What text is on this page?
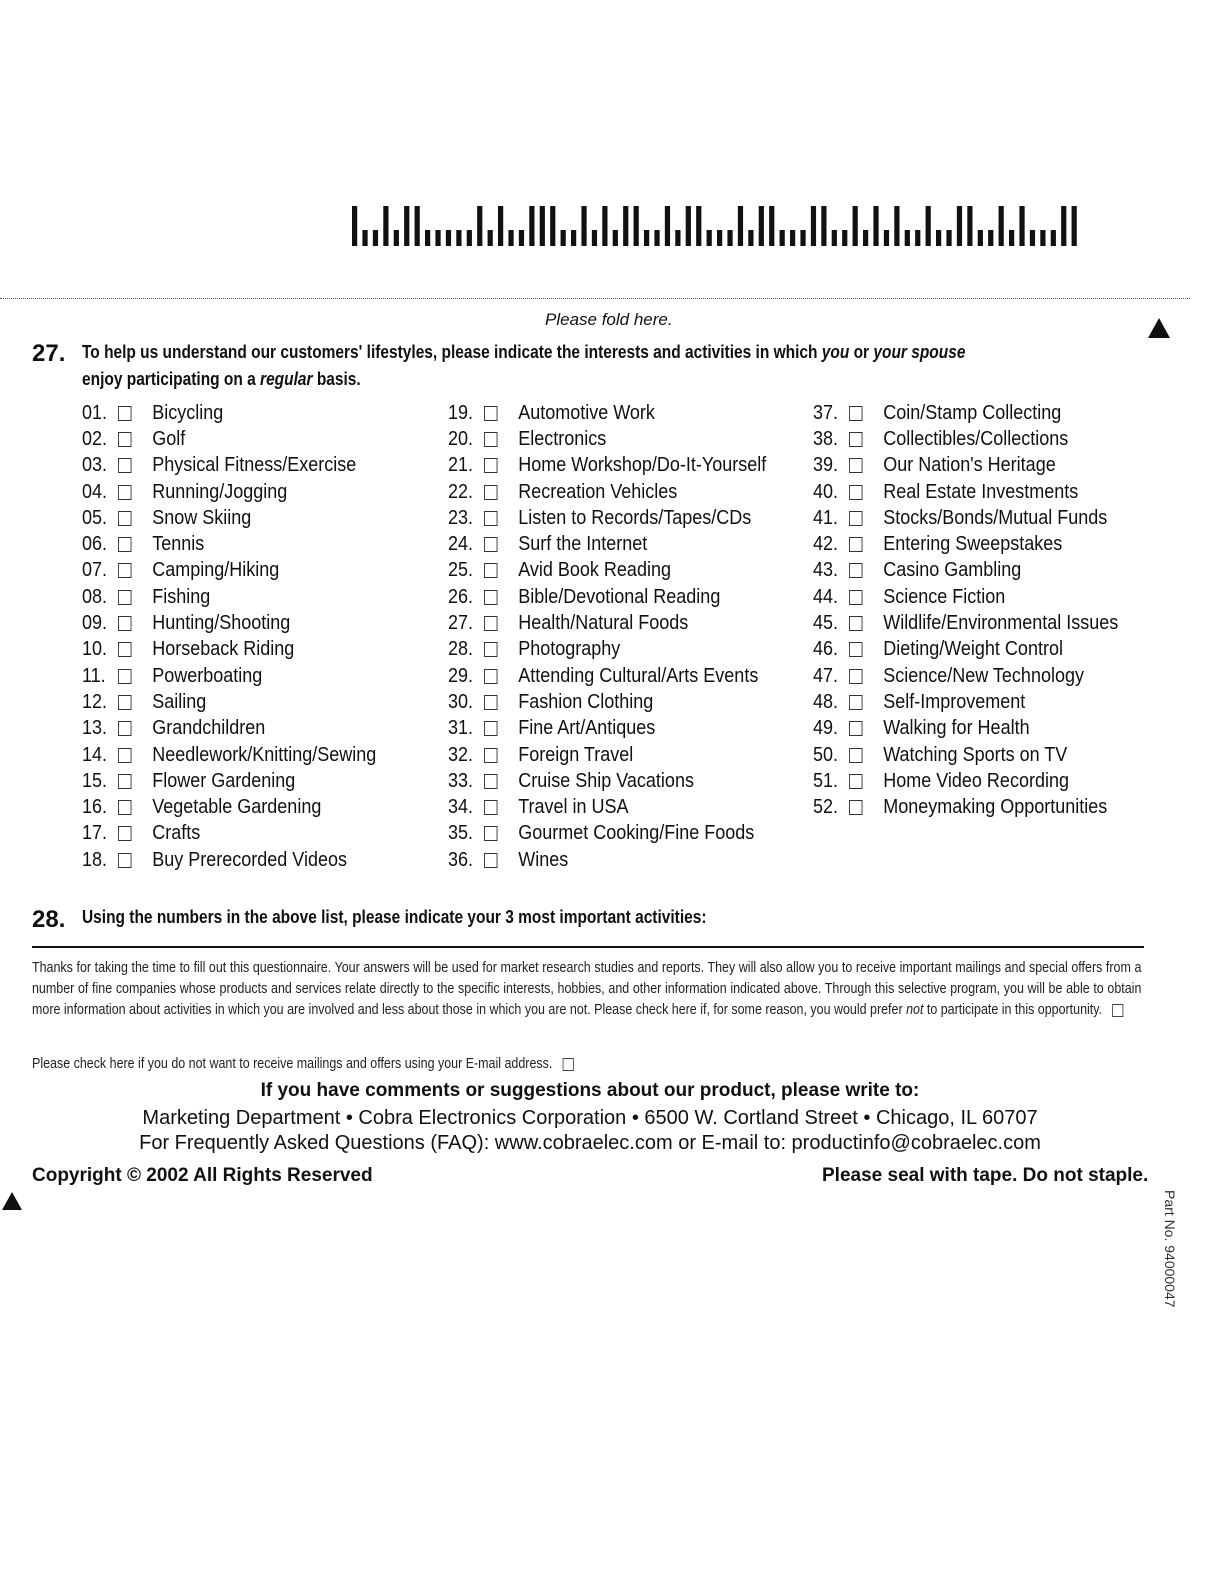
Please fold here.
27. To help us understand our customers' lifestyles, please indicate the interests and activities in which you or your spouse
enjoy participating on a regular basis.
01.	Bicycling
02.	Golf
03.	Physical Fitness/Exercise
04.	Running/Jogging
05.	Snow Skiing
06.	Tennis
07.	Camping/Hiking
08.	Fishing
09.	Hunting/Shooting
10.	Horseback Riding
11.	Powerboating
12.	Sailing
13.	Grandchildren
14.	Needlework/Knitting/Sewing
15.	Flower Gardening
16.	Vegetable Gardening
17.	Crafts
18.	Buy Prerecorded Videos
19.	Automotive Work
20.	Electronics
21.	Home Workshop/Do-It-Yourself
22.	Recreation Vehicles
23.	Listen to Records/Tapes/CDs
24.	Surf the Internet
25.	Avid Book Reading
26.	Bible/Devotional Reading
27.	Health/Natural Foods
28.	Photography
29.	Attending Cultural/Arts Events
30.	Fashion Clothing
31.	Fine Art/Antiques
32.	Foreign Travel
33.	Cruise Ship Vacations
34.	Travel in USA
35.	Gourmet Cooking/Fine Foods
36.	Wines
37.	Coin/Stamp Collecting
38.	Collectibles/Collections
39.	Our Nation's Heritage
40.	Real Estate Investments
41.	Stocks/Bonds/Mutual Funds
42.	Entering Sweepstakes
43.	Casino Gambling
44.	Science Fiction
45.	Wildlife/Environmental Issues
46.	Dieting/Weight Control
47.	Science/New Technology
48.	Self-Improvement
49.	Walking for Health
50.	Watching Sports on TV
51.	Home Video Recording
52.	Moneymaking Opportunities
28. Using the numbers in the above list, please indicate your 3 most important activities:
Thanks for taking the time to fill out this questionnaire. Your answers will be used for market research studies and reports. They will also allow you to receive important mailings and special offers from a number of fine companies whose products and services relate directly to the specific interests, hobbies, and other information indicated above. Through this selective program, you will be able to obtain more information about activities in which you are involved and less about those in which you are not. Please check here if, for some reason, you would prefer not to participate in this opportunity.
Please check here if you do not want to receive mailings and offers using your E-mail address.
If you have comments or suggestions about our product, please write to:
Marketing Department • Cobra Electronics Corporation • 6500 W. Cortland Street • Chicago, IL 60707
For Frequently Asked Questions (FAQ): www.cobraelec.com or E-mail to: productinfo@cobraelec.com
Copyright © 2002 All Rights Reserved	Please seal with tape. Do not staple.
Part No. 94000047
